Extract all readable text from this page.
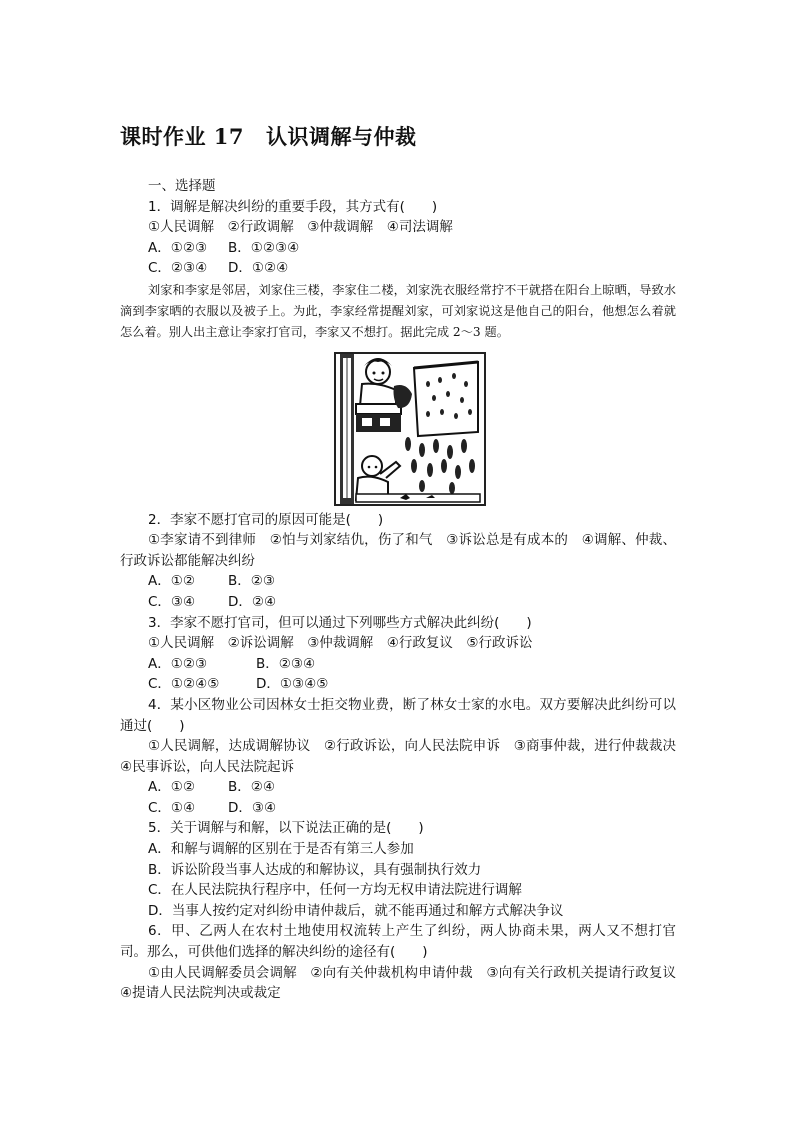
课时作业 17 认识调解与仲裁
一、选择题
1．调解是解决纠纷的重要手段，其方式有(　　)
①人民调解　②行政调解　③仲裁调解　④司法调解
A．①②③ B．①②③④
C．②③④ D．①②④
刘家和李家是邻居，刘家住三楼，李家住二楼，刘家洗衣服经常拧不干就搭在阳台上晾晒，导致水滴到李家晒的衣服以及被子上。为此，李家经常提醒刘家，可刘家说这是他自己的阳台，他想怎么着就怎么着。别人出主意让李家打官司，李家又不想打。据此完成 2～3 题。
2．李家不愿打官司的原因可能是(　　)
①李家请不到律师　②怕与刘家结仇，伤了和气　③诉讼总是有成本的　④调解、仲裁、行政诉讼都能解决纠纷
A．①② B．②③
C．③④ D．②④
3．李家不愿打官司，但可以通过下列哪些方式解决此纠纷(　　)
①人民调解　②诉讼调解　③仲裁调解　④行政复议　⑤行政诉讼
A．①②③	B．②③④
C．①②④⑤	D．①③④⑤
4．某小区物业公司因林女士拒交物业费，断了林女士家的水电。双方要解决此纠纷可以通过(　　)
①人民调解，达成调解协议　②行政诉讼，向人民法院申诉　③商事仲裁，进行仲裁裁决　④民事诉讼，向人民法院起诉
A．①② B．②④
C．①④ D．③④
5．关于调解与和解，以下说法正确的是(　　)
A．和解与调解的区别在于是否有第三人参加
B．诉讼阶段当事人达成的和解协议，具有强制执行效力
C．在人民法院执行程序中，任何一方均无权申请法院进行调解
D．当事人按约定对纠纷申请仲裁后，就不能再通过和解方式解决争议
6．甲、乙两人在农村土地使用权流转上产生了纠纷，两人协商未果，两人又不想打官司。那么，可供他们选择的解决纠纷的途径有(　　)
①由人民调解委员会调解　②向有关仲裁机构申请仲裁　③向有关行政机关提请行政复议　④提请人民法院判决或裁定
